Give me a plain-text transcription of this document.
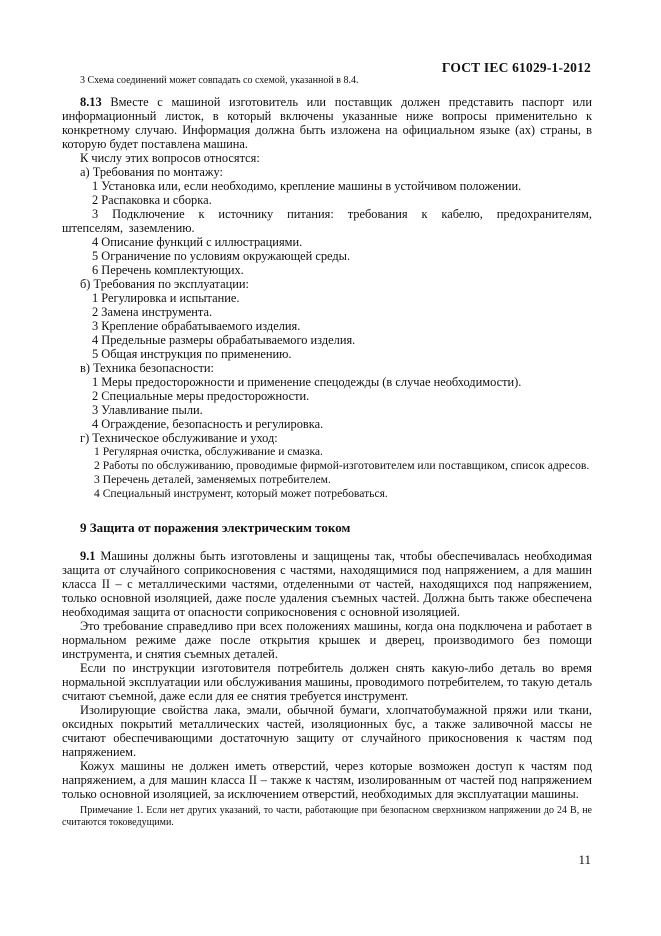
ГОСТ IEC 61029-1-2012

3 Схема соединений может совпадать со схемой, указанной в 8.4.

8.13 Вместе с машиной изготовитель или поставщик должен представить паспорт или информационный листок, в который включены указанные ниже вопросы применительно к конкретному случаю. Информация должна быть изложена на официальном языке (ах) страны, в которую будет поставлена машина.

К числу этих вопросов относятся:

а) Требования по монтажу:

1 Установка или, если необходимо, крепление машины в устойчивом положении.

2 Распаковка и сборка.

3 Подключение к источнику питания: требования к кабелю, предохранителям, штепселям, заземлению.

4 Описание функций с иллюстрациями.

5 Ограничение по условиям окружающей среды.

6 Перечень комплектующих.

б) Требования по эксплуатации:

1 Регулировка и испытание.

2 Замена инструмента.

3 Крепление обрабатываемого изделия.

4 Предельные размеры обрабатываемого изделия.

5 Общая инструкция по применению.

в) Техника безопасности:

1 Меры предосторожности и применение спецодежды (в случае необходимости).

2 Специальные меры предосторожности.

3 Улавливание пыли.

4 Ограждение, безопасность и регулировка.

г) Техническое обслуживание и уход:

1 Регулярная очистка, обслуживание и смазка.

2 Работы по обслуживанию, проводимые фирмой-изготовителем или поставщиком, список адресов.

3 Перечень деталей, заменяемых потребителем.

4 Специальный инструмент, который может потребоваться.

9 Защита от поражения электрическим током

9.1 Машины должны быть изготовлены и защищены так, чтобы обеспечивалась необходимая защита от случайного соприкосновения с частями, находящимися под напряжением, а для машин класса II – с металлическими частями, отделенными от частей, находящихся под напряжением, только основной изоляцией, даже после удаления съемных частей. Должна быть также обеспечена необходимая защита от опасности соприкосновения с основной изоляцией.

Это требование справедливо при всех положениях машины, когда она подключена и работает в нормальном режиме даже после открытия крышек и дверец, производимого без помощи инструмента, и снятия съемных деталей.

Если по инструкции изготовителя потребитель должен снять какую-либо деталь во время нормальной эксплуатации или обслуживания машины, проводимого потребителем, то такую деталь считают съемной, даже если для ее снятия требуется инструмент.

Изолирующие свойства лака, эмали, обычной бумаги, хлопчатобумажной пряжи или ткани, оксидных покрытий металлических частей, изоляционных бус, а также заливочной массы не считают обеспечивающими достаточную защиту от случайного прикосновения к частям под напряжением.

Кожух машины не должен иметь отверстий, через которые возможен доступ к частям под напряжением, а для машин класса II – также к частям, изолированным от частей под напряжением только основной изоляцией, за исключением отверстий, необходимых для эксплуатации машины.

Примечание 1. Если нет других указаний, то части, работающие при безопасном сверхнизком напряжении до 24 В, не считаются токоведущими.

11
